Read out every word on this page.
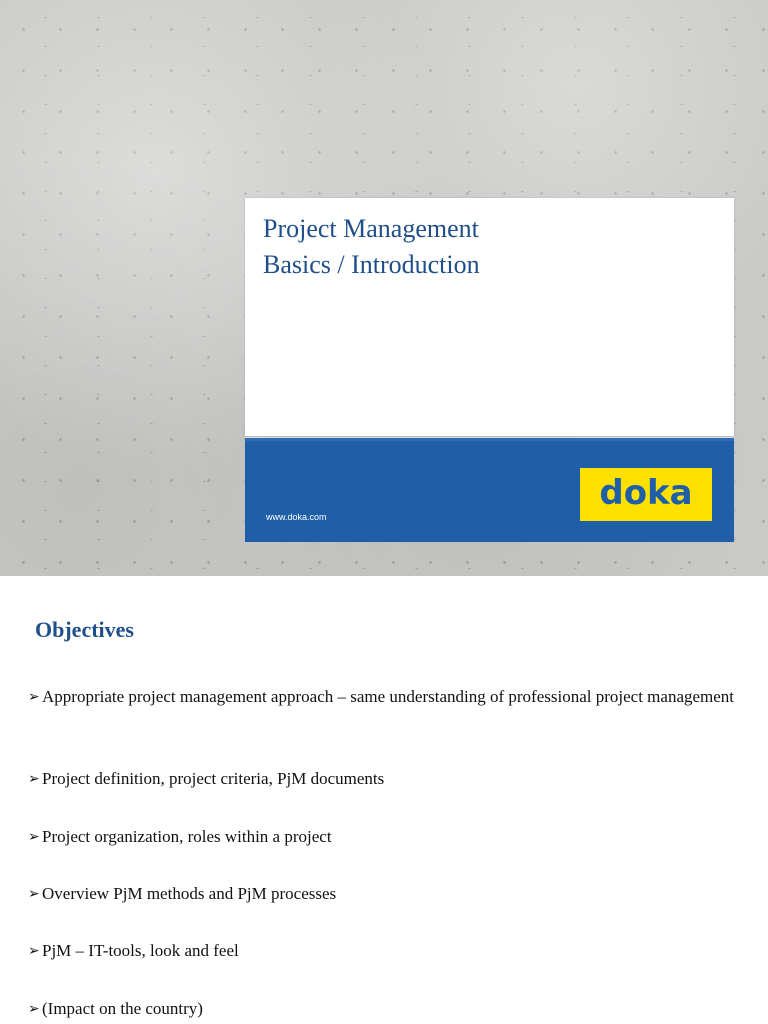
Project Management
Basics / Introduction
www.doka.com
doka
Objectives
➢ Appropriate project management approach – same understanding of professional project management
➢ Project definition, project criteria, PjM documents
➢ Project organization, roles within a project
➢ Overview PjM methods and PjM processes
➢ PjM – IT-tools, look and feel
➢ (Impact on the country)
